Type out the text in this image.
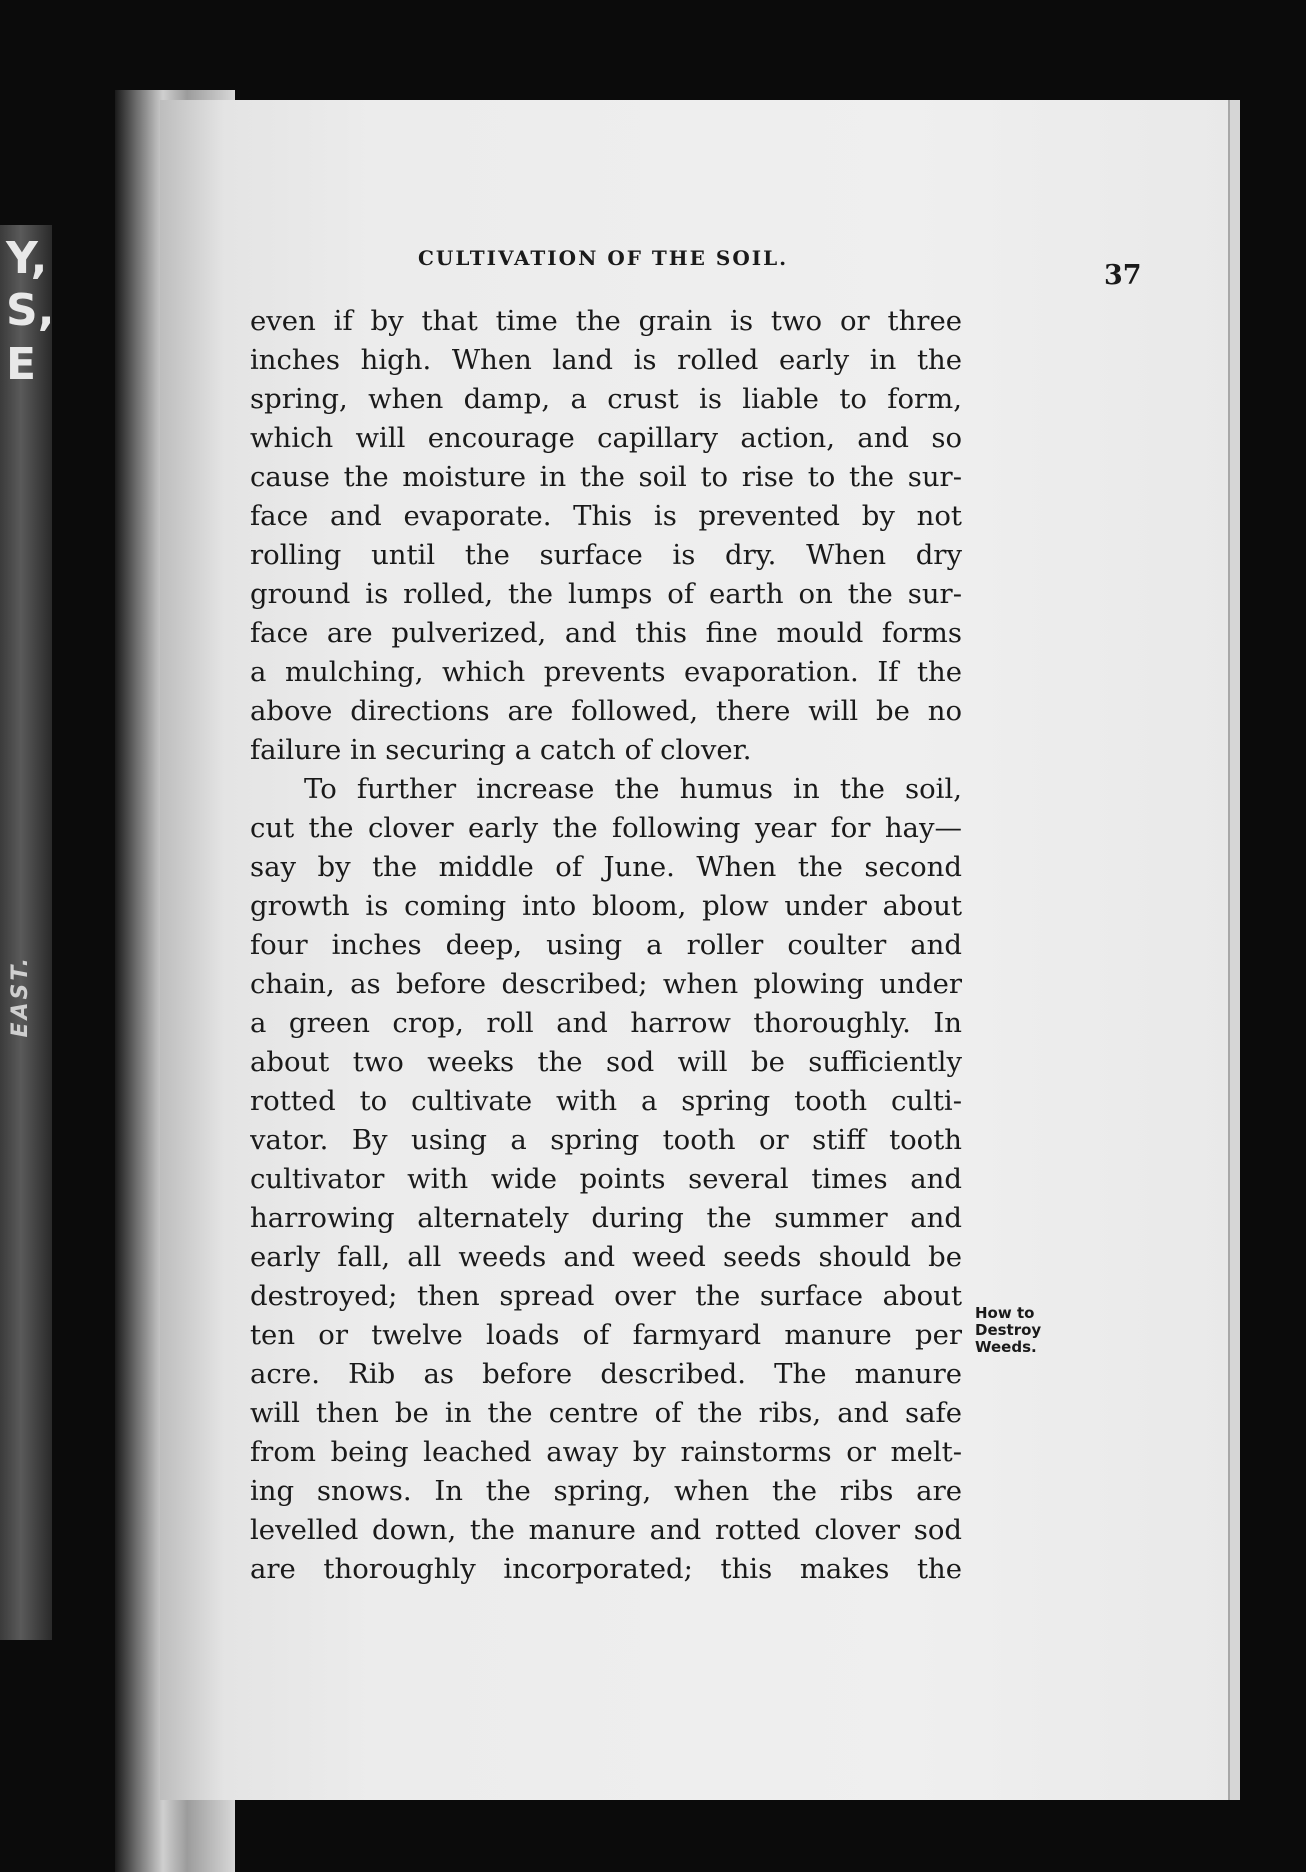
Y,
S,
E
EAST.
CULTIVATION OF THE SOIL.
37
even if by that time the grain is two or three
inches high. When land is rolled early in the
spring, when damp, a crust is liable to form,
which will encourage capillary action, and so
cause the moisture in the soil to rise to the sur-
face and evaporate. This is prevented by not
rolling until the surface is dry. When dry
ground is rolled, the lumps of earth on the sur-
face are pulverized, and this fine mould forms
a mulching, which prevents evaporation. If the
above directions are followed, there will be no
failure in securing a catch of clover.
To further increase the humus in the soil,
cut the clover early the following year for hay—
say by the middle of June. When the second
growth is coming into bloom, plow under about
four inches deep, using a roller coulter and
chain, as before described; when plowing under
a green crop, roll and harrow thoroughly. In
about two weeks the sod will be sufficiently
rotted to cultivate with a spring tooth culti-
vator. By using a spring tooth or stiff tooth
cultivator with wide points several times and
harrowing alternately during the summer and
early fall, all weeds and weed seeds should be
destroyed; then spread over the surface about
ten or twelve loads of farmyard manure per
acre. Rib as before described. The manure
will then be in the centre of the ribs, and safe
from being leached away by rainstorms or melt-
ing snows. In the spring, when the ribs are
levelled down, the manure and rotted clover sod
are thoroughly incorporated; this makes the
How to
Destroy
Weeds.
